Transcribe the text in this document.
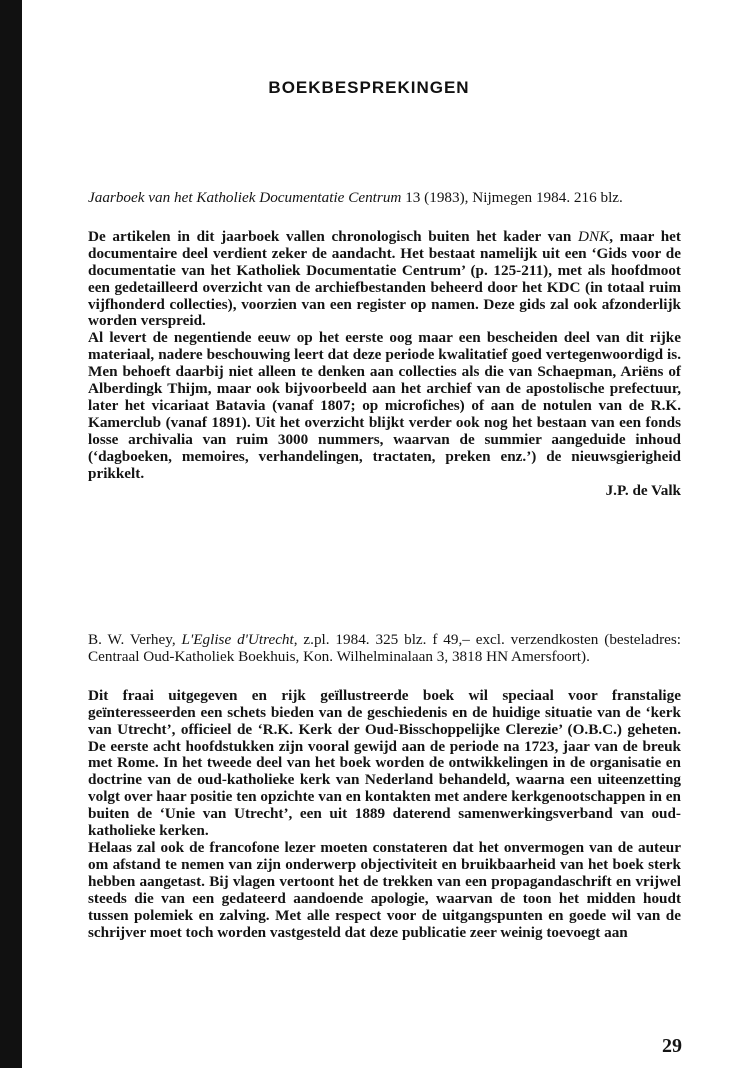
BOEKBESPREKINGEN

Jaarboek van het Katholiek Documentatie Centrum 13 (1983), Nijmegen 1984. 216 blz.

De artikelen in dit jaarboek vallen chronologisch buiten het kader van DNK, maar het documentaire deel verdient zeker de aandacht. Het bestaat namelijk uit een ‘Gids voor de documentatie van het Katholiek Documentatie Centrum’ (p. 125-211), met als hoofdmoot een gedetailleerd overzicht van de archiefbestanden beheerd door het KDC (in totaal ruim vijfhonderd collecties), voorzien van een register op namen. Deze gids zal ook afzonderlijk worden verspreid.

Al levert de negentiende eeuw op het eerste oog maar een bescheiden deel van dit rijke materiaal, nadere beschouwing leert dat deze periode kwalitatief goed vertegenwoordigd is. Men behoeft daarbij niet alleen te denken aan collecties als die van Schaepman, Ariëns of Alberdingk Thijm, maar ook bijvoorbeeld aan het archief van de apostolische prefectuur, later het vicariaat Batavia (vanaf 1807; op microfiches) of aan de notulen van de R.K. Kamerclub (vanaf 1891). Uit het overzicht blijkt verder ook nog het bestaan van een fonds losse archivalia van ruim 3000 nummers, waarvan de summier aangeduide inhoud (‘dagboeken, memoires, verhandelingen, tractaten, preken enz.’) de nieuwsgierigheid prikkelt.

J.P. de Valk

B. W. Verhey, L'Eglise d'Utrecht, z.pl. 1984. 325 blz. f 49,– excl. verzendkosten (besteladres: Centraal Oud-Katholiek Boekhuis, Kon. Wilhelminalaan 3, 3818 HN Amersfoort).

Dit fraai uitgegeven en rijk geïllustreerde boek wil speciaal voor franstalige geïnteresseerden een schets bieden van de geschiedenis en de huidige situatie van de ‘kerk van Utrecht’, officieel de ‘R.K. Kerk der Oud-Bisschoppelijke Clerezie’ (O.B.C.) geheten. De eerste acht hoofdstukken zijn vooral gewijd aan de periode na 1723, jaar van de breuk met Rome. In het tweede deel van het boek worden de ontwikkelingen in de organisatie en doctrine van de oud-katholieke kerk van Nederland behandeld, waarna een uiteenzetting volgt over haar positie ten opzichte van en kontakten met andere kerkgenootschappen in en buiten de ‘Unie van Utrecht’, een uit 1889 daterend samenwerkingsverband van oud-katholieke kerken.

Helaas zal ook de francofone lezer moeten constateren dat het onvermogen van de auteur om afstand te nemen van zijn onderwerp objectiviteit en bruikbaarheid van het boek sterk hebben aangetast. Bij vlagen vertoont het de trekken van een propagandaschrift en vrijwel steeds die van een gedateerd aandoende apologie, waarvan de toon het midden houdt tussen polemiek en zalving. Met alle respect voor de uitgangspunten en goede wil van de schrijver moet toch worden vastgesteld dat deze publicatie zeer weinig toevoegt aan

29
